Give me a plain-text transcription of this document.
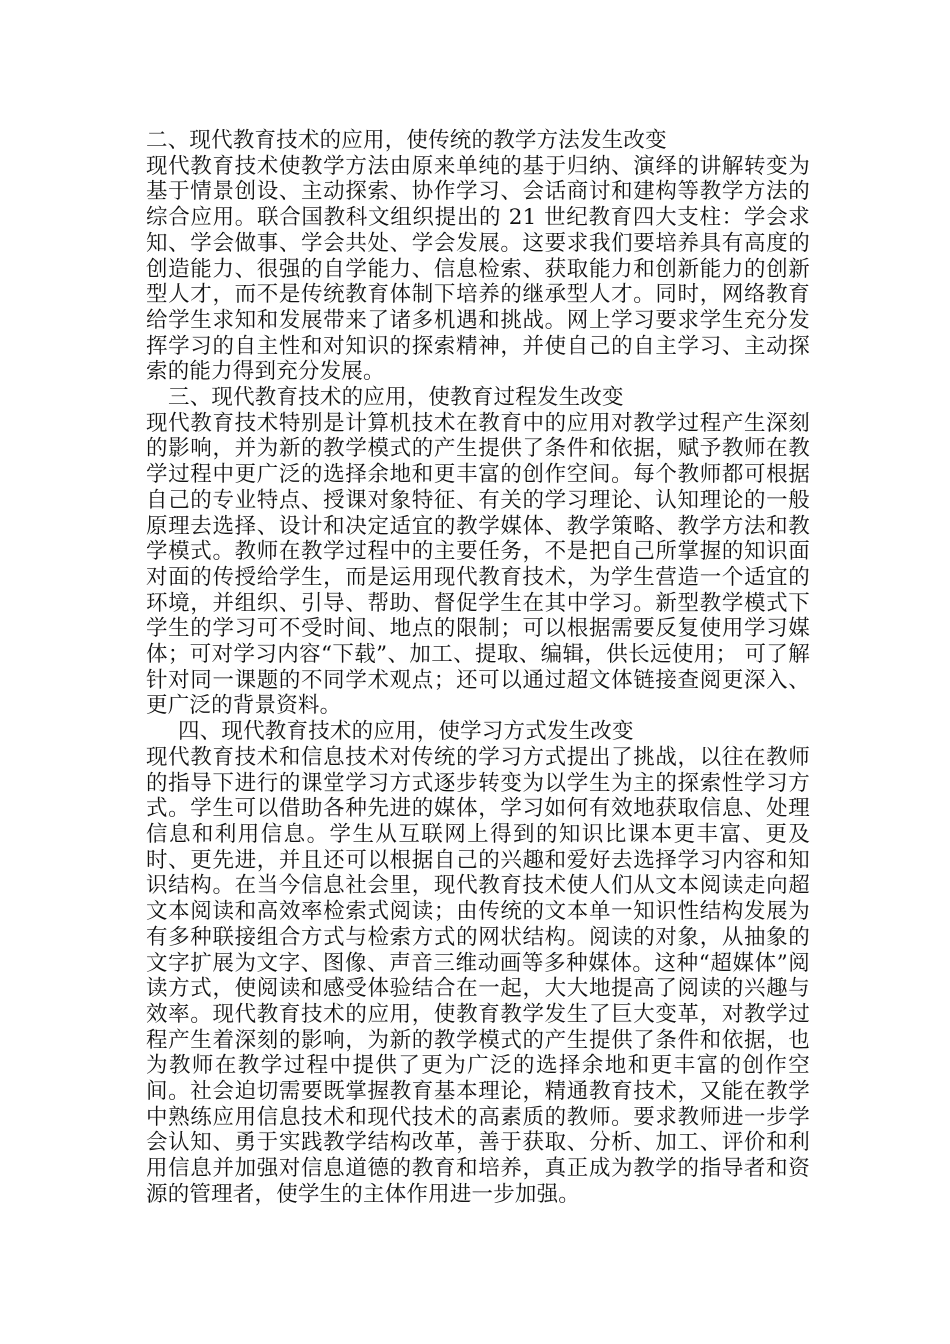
二、现代教育技术的应用，使传统的教学方法发生改变

现代教育技术使教学方法由原来单纯的基于归纳、演绎的讲解转变为基于情景创设、主动探索、协作学习、会话商讨和建构等教学方法的综合应用。联合国教科文组织提出的 21 世纪教育四大支柱：学会求知、学会做事、学会共处、学会发展。这要求我们要培养具有高度的创造能力、很强的自学能力、信息检索、获取能力和创新能力的创新型人才，而不是传统教育体制下培养的继承型人才。同时，网络教育给学生求知和发展带来了诸多机遇和挑战。网上学习要求学生充分发挥学习的自主性和对知识的探索精神，并使自己的自主学习、主动探索的能力得到充分发展。

三、现代教育技术的应用，使教育过程发生改变

现代教育技术特别是计算机技术在教育中的应用对教学过程产生深刻的影响，并为新的教学模式的产生提供了条件和依据，赋予教师在教学过程中更广泛的选择余地和更丰富的创作空间。每个教师都可根据自己的专业特点、授课对象特征、有关的学习理论、认知理论的一般原理去选择、设计和决定适宜的教学媒体、教学策略、教学方法和教学模式。教师在教学过程中的主要任务，不是把自己所掌握的知识面对面的传授给学生，而是运用现代教育技术，为学生营造一个适宜的环境，并组织、引导、帮助、督促学生在其中学习。新型教学模式下学生的学习可不受时间、地点的限制；可以根据需要反复使用学习媒体；可对学习内容“下载”、加工、提取、编辑，供长远使用； 可了解针对同一课题的不同学术观点；还可以通过超文体链接查阅更深入、更广泛的背景资料。

四、现代教育技术的应用，使学习方式发生改变

现代教育技术和信息技术对传统的学习方式提出了挑战，以往在教师的指导下进行的课堂学习方式逐步转变为以学生为主的探索性学习方式。学生可以借助各种先进的媒体，学习如何有效地获取信息、处理信息和利用信息。学生从互联网上得到的知识比课本更丰富、更及时、更先进，并且还可以根据自己的兴趣和爱好去选择学习内容和知识结构。在当今信息社会里，现代教育技术使人们从文本阅读走向超文本阅读和高效率检索式阅读；由传统的文本单一知识性结构发展为有多种联接组合方式与检索方式的网状结构。阅读的对象，从抽象的文字扩展为文字、图像、声音三维动画等多种媒体。这种“超媒体”阅读方式，使阅读和感受体验结合在一起，大大地提高了阅读的兴趣与效率。现代教育技术的应用，使教育教学发生了巨大变革，对教学过程产生着深刻的影响，为新的教学模式的产生提供了条件和依据，也为教师在教学过程中提供了更为广泛的选择余地和更丰富的创作空间。社会迫切需要既掌握教育基本理论，精通教育技术，又能在教学中熟练应用信息技术和现代技术的高素质的教师。要求教师进一步学会认知、勇于实践教学结构改革，善于获取、分析、加工、评价和利用信息并加强对信息道德的教育和培养，真正成为教学的指导者和资源的管理者，使学生的主体作用进一步加强。
